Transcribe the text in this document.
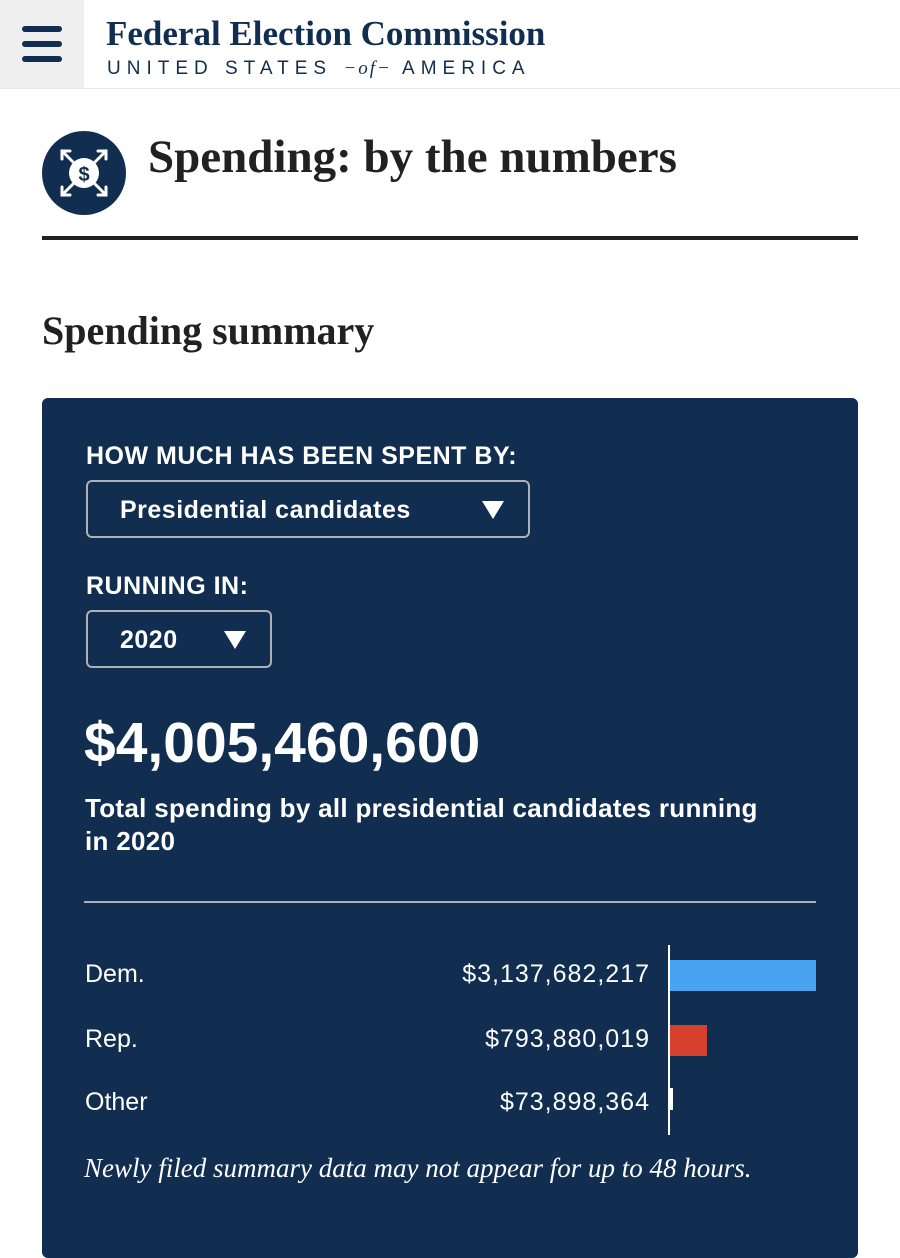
Federal Election Commission
UNITED STATES −of− AMERICA
$ Spending: by the numbers
Spending summary
HOW MUCH HAS BEEN SPENT BY:
Presidential candidates
RUNNING IN:
2020
$4,005,460,600
Total spending by all presidential candidates running in 2020
Dem.	$3,137,682,217
Rep.	$793,880,019
Other	$73,898,364
Newly filed summary data may not appear for up to 48 hours.
